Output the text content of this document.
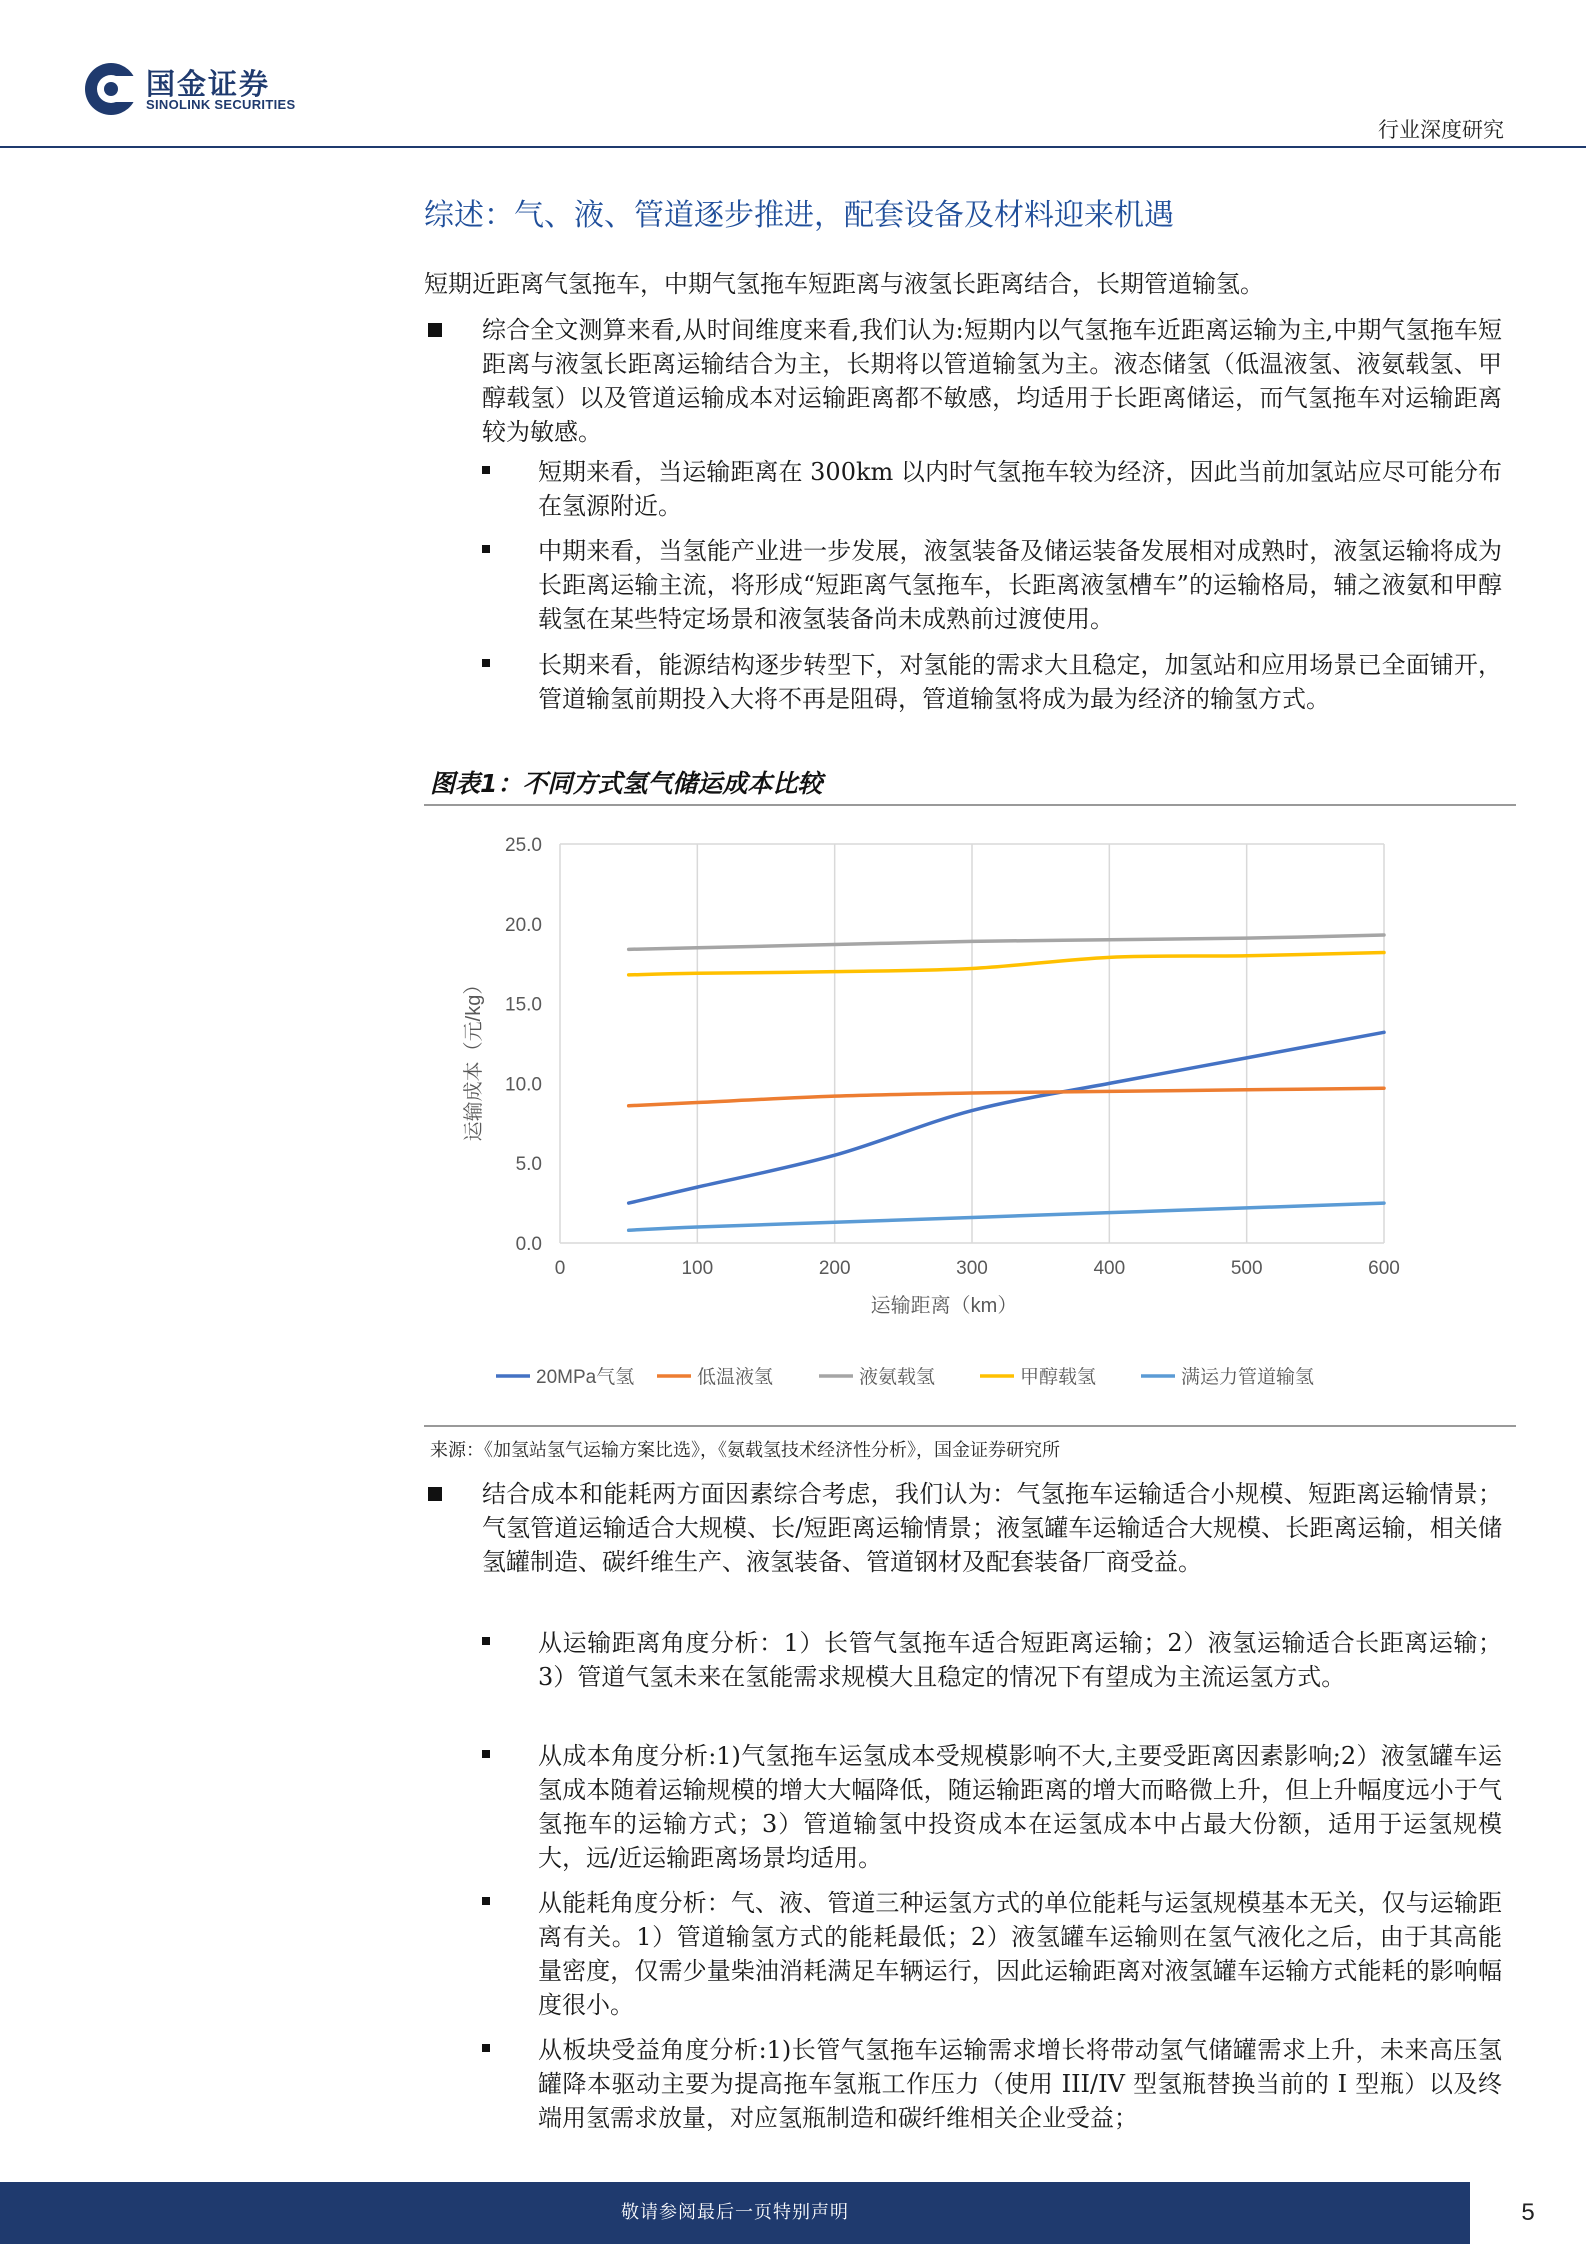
国金证券
SINOLINK SECURITIES
行业深度研究
综述：气、液、管道逐步推进，配套设备及材料迎来机遇
短期近距离气氢拖车，中期气氢拖车短距离与液氢长距离结合，长期管道输氢。
综合全文测算来看,从时间维度来看,我们认为:短期内以气氢拖车近距离运输为主,中期气氢拖车短距离与液氢长距离运输结合为主，长期将以管道输氢为主。液态储氢（低温液氢、液氨载氢、甲醇载氢）以及管道运输成本对运输距离都不敏感，均适用于长距离储运，而气氢拖车对运输距离较为敏感。
短期来看，当运输距离在 300km 以内时气氢拖车较为经济，因此当前加氢站应尽可能分布在氢源附近。
中期来看，当氢能产业进一步发展，液氢装备及储运装备发展相对成熟时，液氢运输将成为长距离运输主流，将形成“短距离气氢拖车，长距离液氢槽车”的运输格局，辅之液氨和甲醇载氢在某些特定场景和液氢装备尚未成熟前过渡使用。
长期来看，能源结构逐步转型下，对氢能的需求大且稳定，加氢站和应用场景已全面铺开，管道输氢前期投入大将不再是阻碍，管道输氢将成为最为经济的输氢方式。
图表1：不同方式氢气储运成本比较
0.0
5.0
10.0
15.0
20.0
25.0
0	100	200	300	400	500	600
运输成本（元/kg）
运输距离（km）
20MPa气氢	低温液氢	液氨载氢	甲醇载氢	满运力管道输氢
来源：《加氢站氢气运输方案比选》，《氨载氢技术经济性分析》，国金证券研究所
结合成本和能耗两方面因素综合考虑，我们认为：气氢拖车运输适合小规模、短距离运输情景；气氢管道运输适合大规模、长/短距离运输情景；液氢罐车运输适合大规模、长距离运输，相关储氢罐制造、碳纤维生产、液氢装备、管道钢材及配套装备厂商受益。
从运输距离角度分析：1）长管气氢拖车适合短距离运输；2）液氢运输适合长距离运输；3）管道气氢未来在氢能需求规模大且稳定的情况下有望成为主流运氢方式。
从成本角度分析:1)气氢拖车运氢成本受规模影响不大,主要受距离因素影响;2）液氢罐车运氢成本随着运输规模的增大大幅降低，随运输距离的增大而略微上升，但上升幅度远小于气氢拖车的运输方式；3）管道输氢中投资成本在运氢成本中占最大份额，适用于运氢规模大，远/近运输距离场景均适用。
从能耗角度分析：气、液、管道三种运氢方式的单位能耗与运氢规模基本无关，仅与运输距离有关。1）管道输氢方式的能耗最低；2）液氢罐车运输则在氢气液化之后，由于其高能量密度，仅需少量柴油消耗满足车辆运行，因此运输距离对液氢罐车运输方式能耗的影响幅度很小。
从板块受益角度分析:1)长管气氢拖车运输需求增长将带动氢气储罐需求上升，未来高压氢罐降本驱动主要为提高拖车氢瓶工作压力（使用 III/IV 型氢瓶替换当前的 I 型瓶）以及终端用氢需求放量，对应氢瓶制造和碳纤维相关企业受益；
敬请参阅最后一页特别声明	5
